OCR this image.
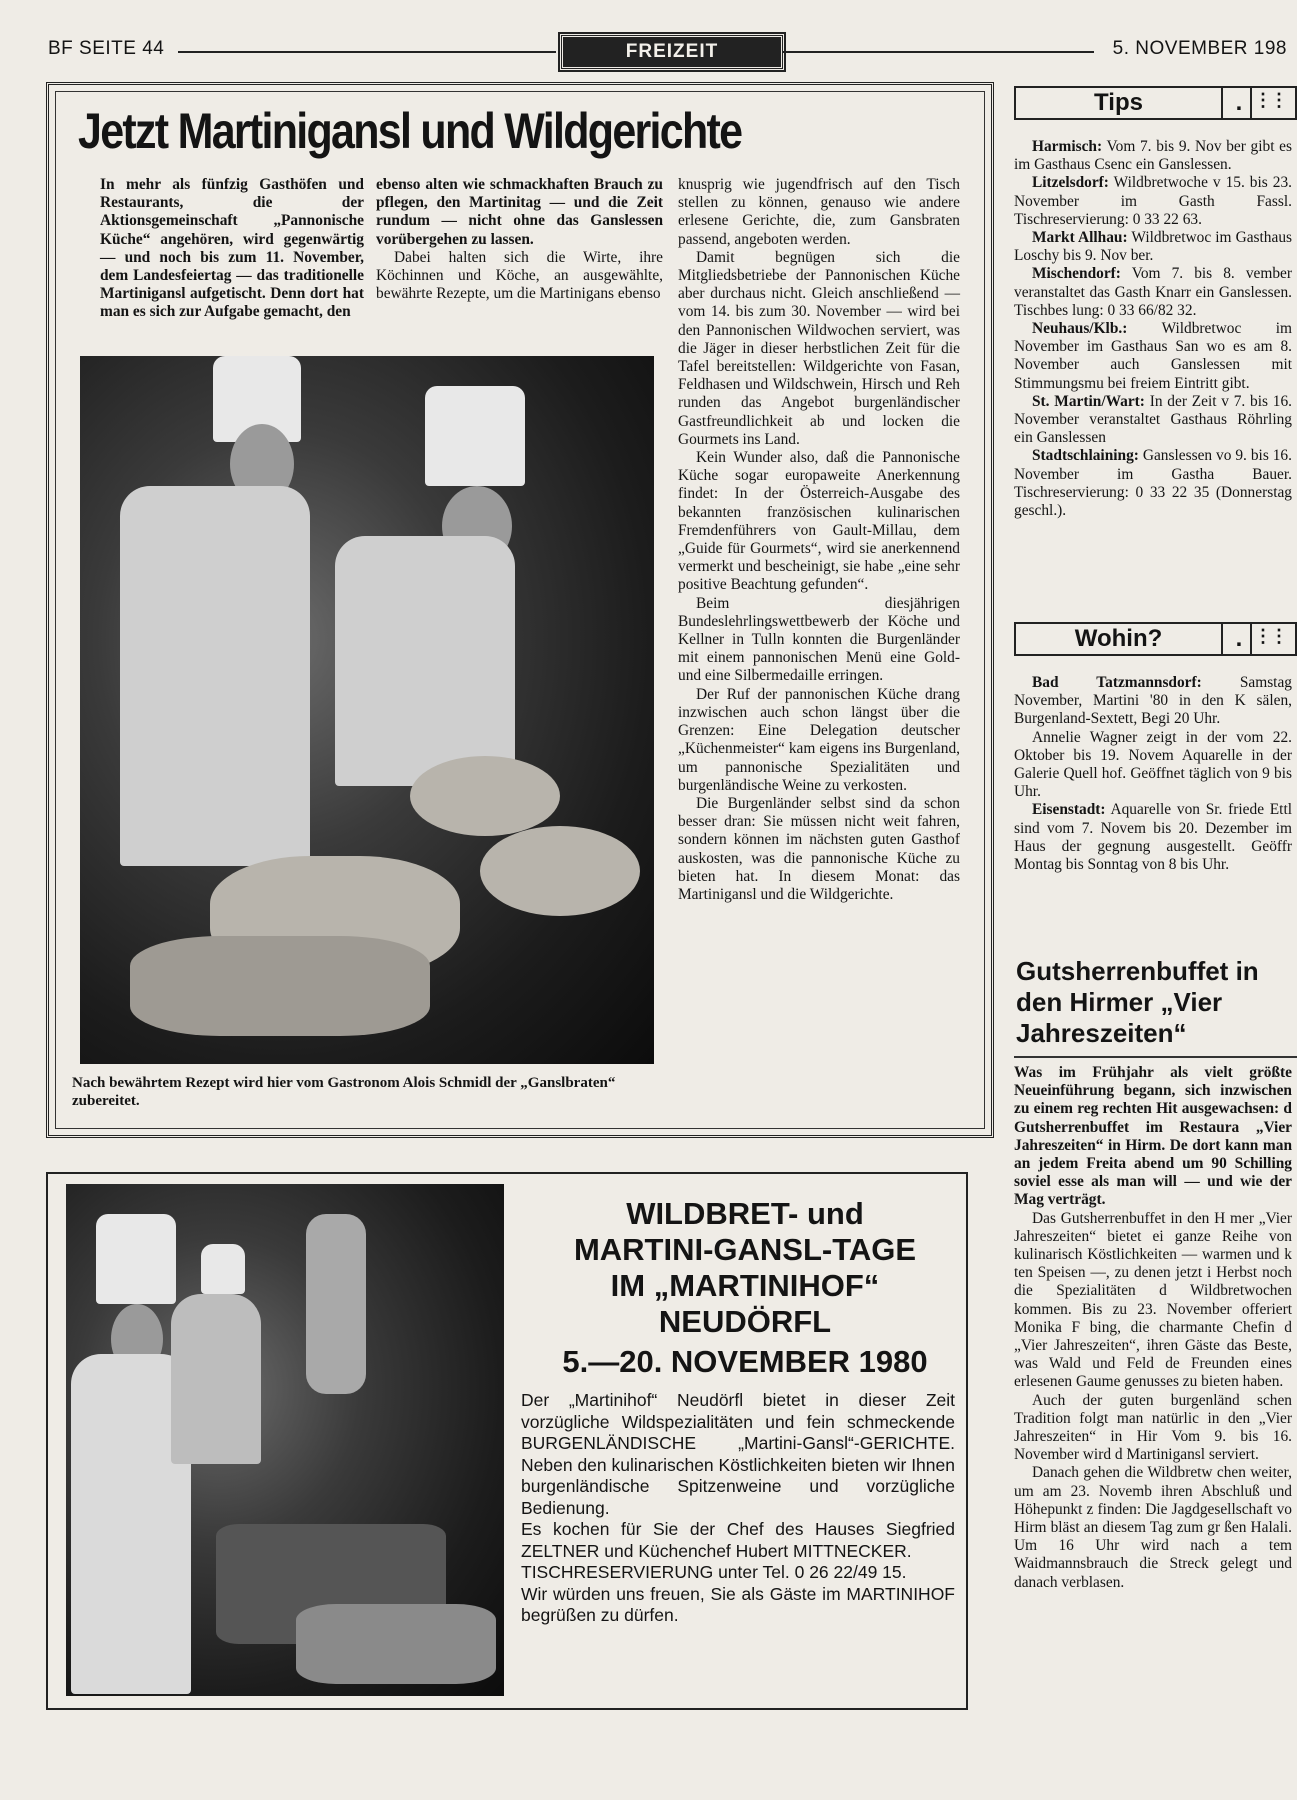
BF SEITE 44	FREIZEIT	5. NOVEMBER 198
Jetzt Martinigansl und Wildgerichte

In mehr als fünfzig Gasthöfen und Restaurants, die der Aktionsgemeinschaft „Pannonische Küche“ angehören, wird gegenwärtig — und noch bis zum 11. November, dem Landesfeiertag — das traditionelle Martinigansl aufgetischt. Denn dort hat man es sich zur Aufgabe gemacht, den

ebenso alten wie schmackhaften Brauch zu pflegen, den Martinitag — und die Zeit rundum — nicht ohne das Ganslessen vorübergehen zu lassen.

Dabei halten sich die Wirte, ihre Köchinnen und Köche, an ausgewählte, bewährte Rezepte, um die Martinigans ebenso

knusprig wie jugendfrisch auf den Tisch stellen zu können, genauso wie andere erlesene Gerichte, die, zum Gansbraten passend, angeboten werden.

Damit begnügen sich die Mitgliedsbetriebe der Pannonischen Küche aber durchaus nicht. Gleich anschließend — vom 14. bis zum 30. November — wird bei den Pannonischen Wildwochen serviert, was die Jäger in dieser herbstlichen Zeit für die Tafel bereitstellen: Wildgerichte von Fasan, Feldhasen und Wildschwein, Hirsch und Reh runden das Angebot burgenländischer Gastfreundlichkeit ab und locken die Gourmets ins Land.

Kein Wunder also, daß die Pannonische Küche sogar europaweite Anerkennung findet: In der Österreich-Ausgabe des bekannten französischen kulinarischen Fremdenführers von Gault-Millau, dem „Guide für Gourmets“, wird sie anerkennend vermerkt und bescheinigt, sie habe „eine sehr positive Beachtung gefunden“.

Beim diesjährigen Bundeslehrlingswettbewerb der Köche und Kellner in Tulln konnten die Burgenländer mit einem pannonischen Menü eine Gold- und eine Silbermedaille erringen.

Der Ruf der pannonischen Küche drang inzwischen auch schon längst über die Grenzen: Eine Delegation deutscher „Küchenmeister“ kam eigens ins Burgenland, um pannonische Spezialitäten und burgenländische Weine zu verkosten.

Die Burgenländer selbst sind da schon besser dran: Sie müssen nicht weit fahren, sondern können im nächsten guten Gasthof auskosten, was die pannonische Küche zu bieten hat. In diesem Monat: das Martinigansl und die Wildgerichte.

Nach bewährtem Rezept wird hier vom Gastronom Alois Schmidl der „Ganslbraten“ zubereitet.
WILDBRET- und
MARTINI-GANSL-TAGE
IM „MARTINIHOF“
NEUDÖRFL
5.—20. NOVEMBER 1980
Der „Martinihof“ Neudörfl bietet in dieser Zeit vorzügliche Wildspezialitäten und fein schmeckende BURGENLÄNDISCHE „Martini-Gansl“-GERICHTE. Neben den kulinarischen Köstlichkeiten bieten wir Ihnen burgenländische Spitzenweine und vorzügliche Bedienung.
Es kochen für Sie der Chef des Hauses Siegfried ZELTNER und Küchenchef Hubert MITTNECKER.
TISCHRESERVIERUNG unter Tel. 0 26 22/49 15.
Wir würden uns freuen, Sie als Gäste im MARTINIHOF begrüßen zu dürfen.
Tips	. ⋮⋮

Harmisch: Vom 7. bis 9. Nov ber gibt es im Gasthaus Csenc ein Ganslessen.

Litzelsdorf: Wildbretwoche v 15. bis 23. November im Gasth Fassl. Tischreservierung: 0 33 22 63.

Markt Allhau: Wildbretwoc im Gasthaus Loschy bis 9. Nov ber.

Mischendorf: Vom 7. bis 8. vember veranstaltet das Gasth Knarr ein Ganslessen. Tischbes lung: 0 33 66/82 32.

Neuhaus/Klb.: Wildbretwoc im November im Gasthaus San wo es am 8. November auch Ganslessen mit Stimmungsmu bei freiem Eintritt gibt.

St. Martin/Wart: In der Zeit v 7. bis 16. November veranstaltet Gasthaus Röhrling ein Ganslessen

Stadtschlaining: Ganslessen vo 9. bis 16. November im Gastha Bauer. Tischreservierung: 0 33 22 35 (Donnerstag geschl.).

Wohin?	. ⋮⋮

Bad Tatzmannsdorf: Samstag November, Martini '80 in den K sälen, Burgenland-Sextett, Begi 20 Uhr.

Annelie Wagner zeigt in der vom 22. Oktober bis 19. Novem Aquarelle in der Galerie Quell hof. Geöffnet täglich von 9 bis Uhr.

Eisenstadt: Aquarelle von Sr. friede Ettl sind vom 7. Novem bis 20. Dezember im Haus der gegnung ausgestellt. Geöffr Montag bis Sonntag von 8 bis Uhr.

Gutsherrenbuffet in den Hirmer „Vier Jahreszeiten“

Was im Frühjahr als vielt größte Neueinführung begann, sich inzwischen zu einem reg rechten Hit ausgewachsen: d Gutsherrenbuffet im Restaura „Vier Jahreszeiten“ in Hirm. De dort kann man an jedem Freita abend um 90 Schilling soviel esse als man will — und wie der Mag verträgt.

Das Gutsherrenbuffet in den H mer „Vier Jahreszeiten“ bietet ei ganze Reihe von kulinarisch Köstlichkeiten — warmen und k ten Speisen —, zu denen jetzt i Herbst noch die Spezialitäten d Wildbretwochen kommen. Bis zu 23. November offeriert Monika F bing, die charmante Chefin d „Vier Jahreszeiten“, ihren Gäste das Beste, was Wald und Feld de Freunden eines erlesenen Gaume genusses zu bieten haben.

Auch der guten burgenländ schen Tradition folgt man natürlic in den „Vier Jahreszeiten“ in Hir Vom 9. bis 16. November wird d Martinigansl serviert.

Danach gehen die Wildbretw chen weiter, um am 23. Novemb ihren Abschluß und Höhepunkt z finden: Die Jagdgesellschaft vo Hirm bläst an diesem Tag zum gr ßen Halali. Um 16 Uhr wird nach a tem Waidmannsbrauch die Streck gelegt und danach verblasen.
